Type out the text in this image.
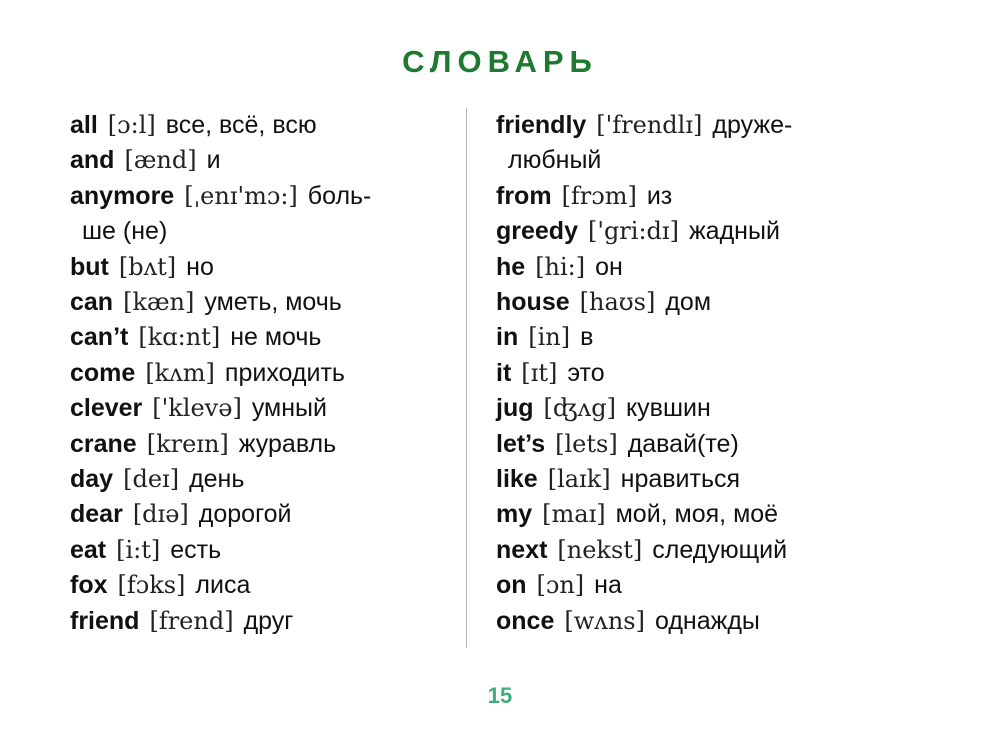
СЛОВАРЬ
all [ɔ:l] все, всё, всю
and [ænd] и
anymore [ˌenɪ'mɔ:] боль-
ше (не)
but [bʌt] но
can [kæn] уметь, мочь
can’t [kɑ:nt] не мочь
come [kʌm] приходить
clever ['klevə] умный
crane [kreɪn] журавль
day [deɪ] день
dear [dɪə] дорогой
eat [i:t] есть
fox [fɔks] лиса
friend [frend] друг
friendly ['frendlɪ] друже-
любный
from [frɔm] из
greedy ['gri:dɪ] жадный
he [hi:] он
house [haʊs] дом
in [in] в
it [ɪt] это
jug [ʤʌg] кувшин
let’s [lets] давай(те)
like [laɪk] нравиться
my [maɪ] мой, моя, моё
next [nekst] следующий
on [ɔn] на
once [wʌns] однажды
15
